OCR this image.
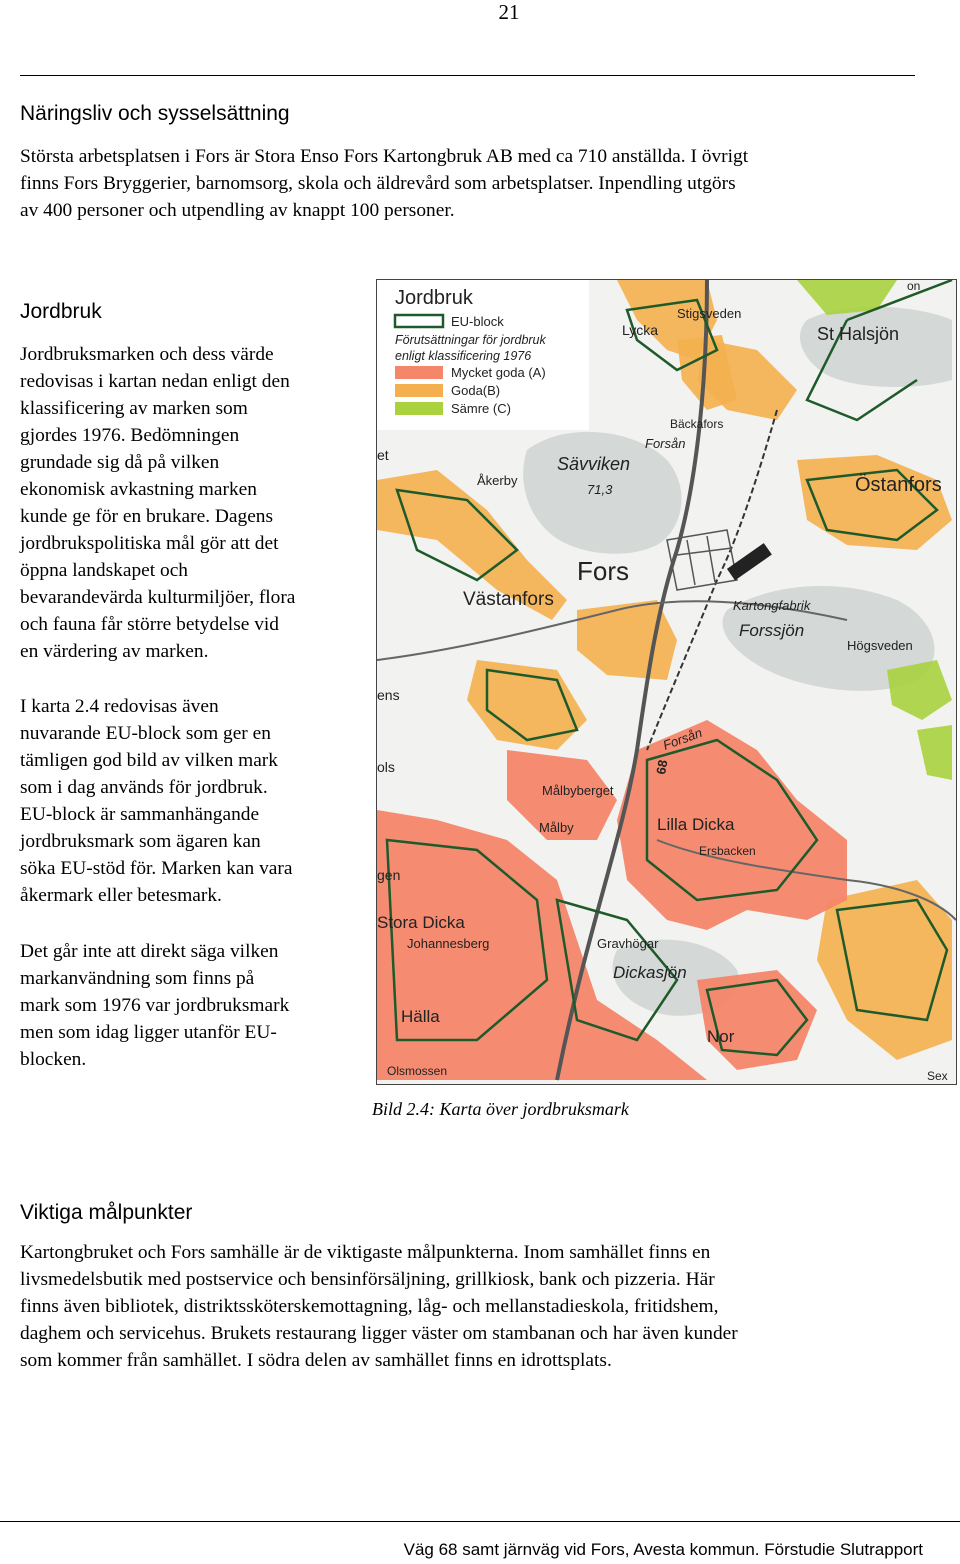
21
Näringsliv och sysselsättning

Största arbetsplatsen i Fors är Stora Enso Fors Kartongbruk AB med ca 710 anställda. I övrigt

finns Fors Bryggerier, barnomsorg, skola och äldrevård som arbetsplatser. Inpendling utgörs

av 400 personer och utpendling av knappt 100 personer.

Jordbruk

Jordbruksmarken och dess värde

redovisas i kartan nedan enligt den

klassificering av marken som

gjordes 1976. Bedömningen

grundade sig då på vilken

ekonomisk avkastning marken

kunde ge för en brukare. Dagens

jordbrukspolitiska mål gör att det

öppna landskapet och

bevarandevärda kulturmiljöer, flora

och fauna får större betydelse vid

en värdering av marken.

I karta 2.4 redovisas även

nuvarande EU-block som ger en

tämligen god bild av vilken mark

som i dag används för jordbruk.

EU-block är sammanhängande

jordbruksmark som ägaren kan

söka EU-stöd för. Marken kan vara

åkermark eller betesmark.

Det går inte att direkt säga vilken

markanvändning som finns på

mark som 1976 var jordbruksmark

men som idag ligger utanför EU-

blocken.

Jordbruk
EU-block
Förutsättningar för jordbruk
enligt klassificering 1976
Mycket goda (A)
Goda(B)
Sämre (C)
Stigsveden
Lycka	St Halsjön
Bäckafors
Forsån
Sävviken
71,3
Åkerby	Östanfors
Fors
Västanfors	Kartongfabrik
Forssjön
Högsveden
Forsån
68
Målbyberget
Målby	Lilla Dicka
Ersbacken
Stora Dicka
Johannesberg	Gravhögar
Dickasjön
Hälla
Nor
Olsmossen
et
ens
ols
gen
Sex
on
Bild 2.4: Karta över jordbruksmark
Viktiga målpunkter

Kartongbruket och Fors samhälle är de viktigaste målpunkterna. Inom samhället finns en

livsmedelsbutik med postservice och bensinförsäljning, grillkiosk, bank och pizzeria. Här

finns även bibliotek, distriktssköterskemottagning, låg- och mellanstadieskola, fritidshem,

daghem och servicehus. Brukets restaurang ligger väster om stambanan och har även kunder

som kommer från samhället. I södra delen av samhället finns en idrottsplats.

Väg 68 samt järnväg vid Fors, Avesta kommun. Förstudie Slutrapport
